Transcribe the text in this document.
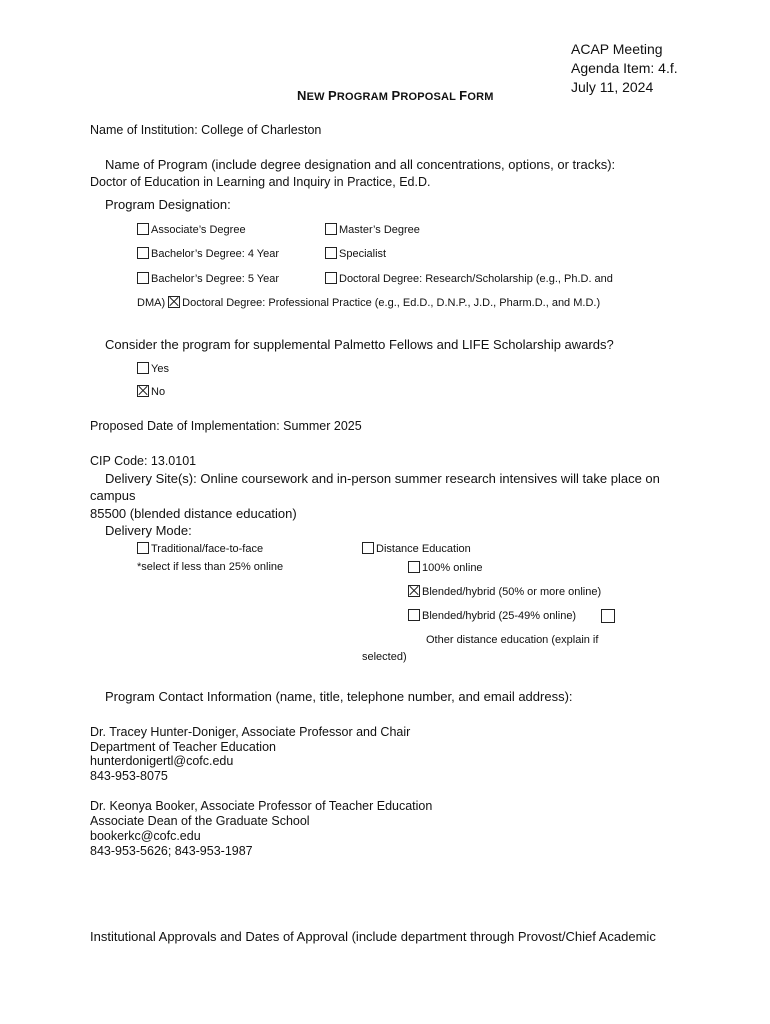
ACAP Meeting
Agenda Item: 4.f.
July 11, 2024
NEW PROGRAM PROPOSAL FORM
Name of Institution: College of Charleston
Name of Program (include degree designation and all concentrations, options, or tracks):
Doctor of Education in Learning and Inquiry in Practice, Ed.D.
Program Designation:
Associate’s Degree	Master’s Degree
Bachelor’s Degree: 4 Year	Specialist
Bachelor’s Degree: 5 Year	Doctoral Degree: Research/Scholarship (e.g., Ph.D. and
DMA) Doctoral Degree: Professional Practice (e.g., Ed.D., D.N.P., J.D., Pharm.D., and M.D.)
Consider the program for supplemental Palmetto Fellows and LIFE Scholarship awards?
Yes
No
Proposed Date of Implementation: Summer 2025
CIP Code: 13.0101
Delivery Site(s): Online coursework and in-person summer research intensives will take place on
campus
85500 (blended distance education)
Delivery Mode:
Traditional/face-to-face
*select if less than 25% online
Distance Education
100% online
Blended/hybrid (50% or more online)
Blended/hybrid (25-49% online)
Other distance education (explain if
selected)
Program Contact Information (name, title, telephone number, and email address):
Dr. Tracey Hunter-Doniger, Associate Professor and Chair
Department of Teacher Education
hunterdonigertl@cofc.edu
843-953-8075
Dr. Keonya Booker, Associate Professor of Teacher Education
Associate Dean of the Graduate School
bookerkc@cofc.edu
843-953-5626; 843-953-1987
Institutional Approvals and Dates of Approval (include department through Provost/Chief Academic
